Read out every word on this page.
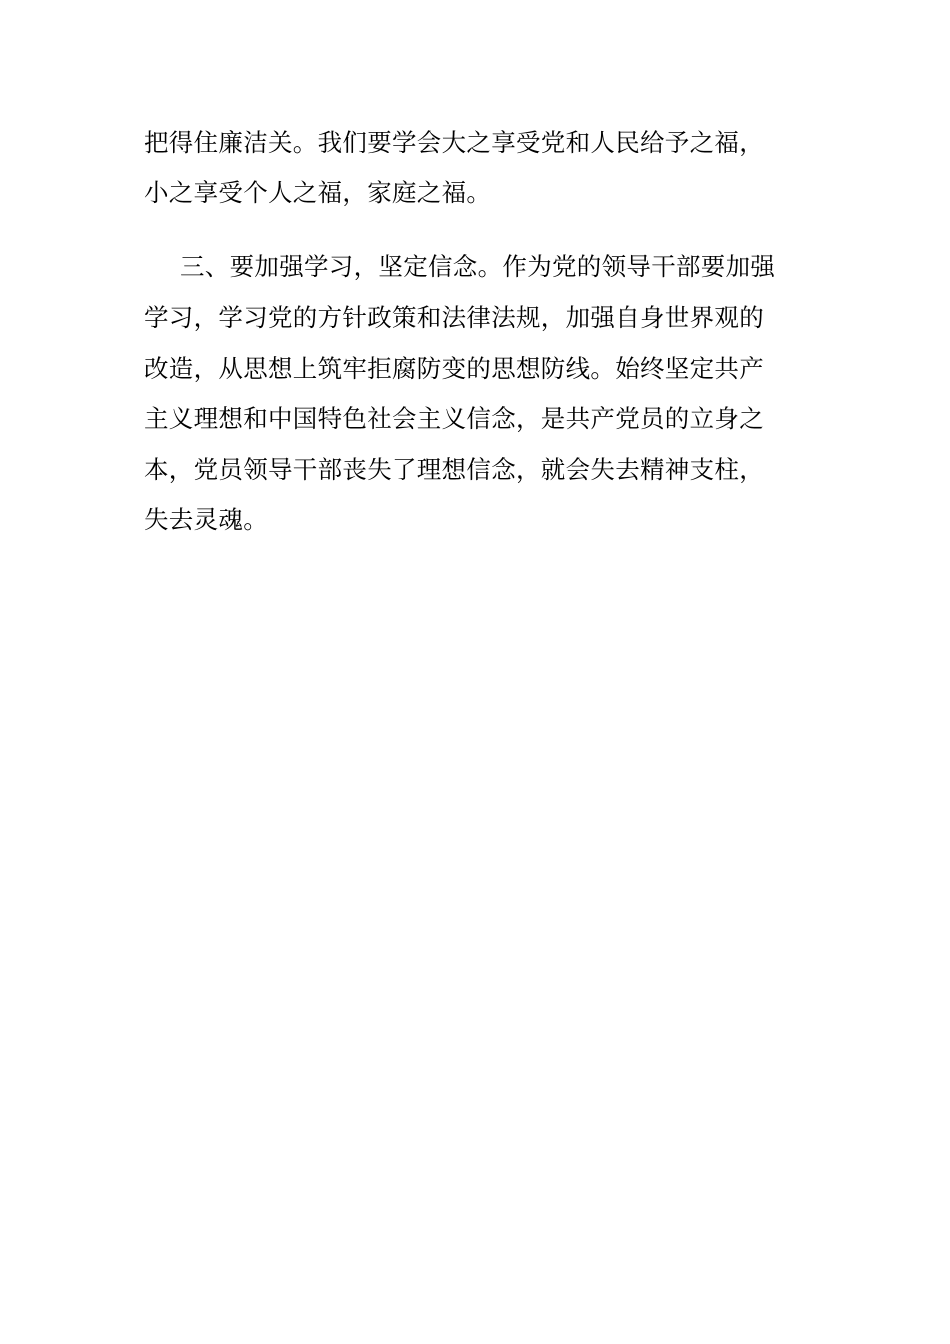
把得住廉洁关。我们要学会大之享受党和人民给予之福，
小之享受个人之福，家庭之福。
三、要加强学习，坚定信念。作为党的领导干部要加强
学习，学习党的方针政策和法律法规，加强自身世界观的
改造，从思想上筑牢拒腐防变的思想防线。始终坚定共产
主义理想和中国特色社会主义信念，是共产党员的立身之
本，党员领导干部丧失了理想信念，就会失去精神支柱，
失去灵魂。
